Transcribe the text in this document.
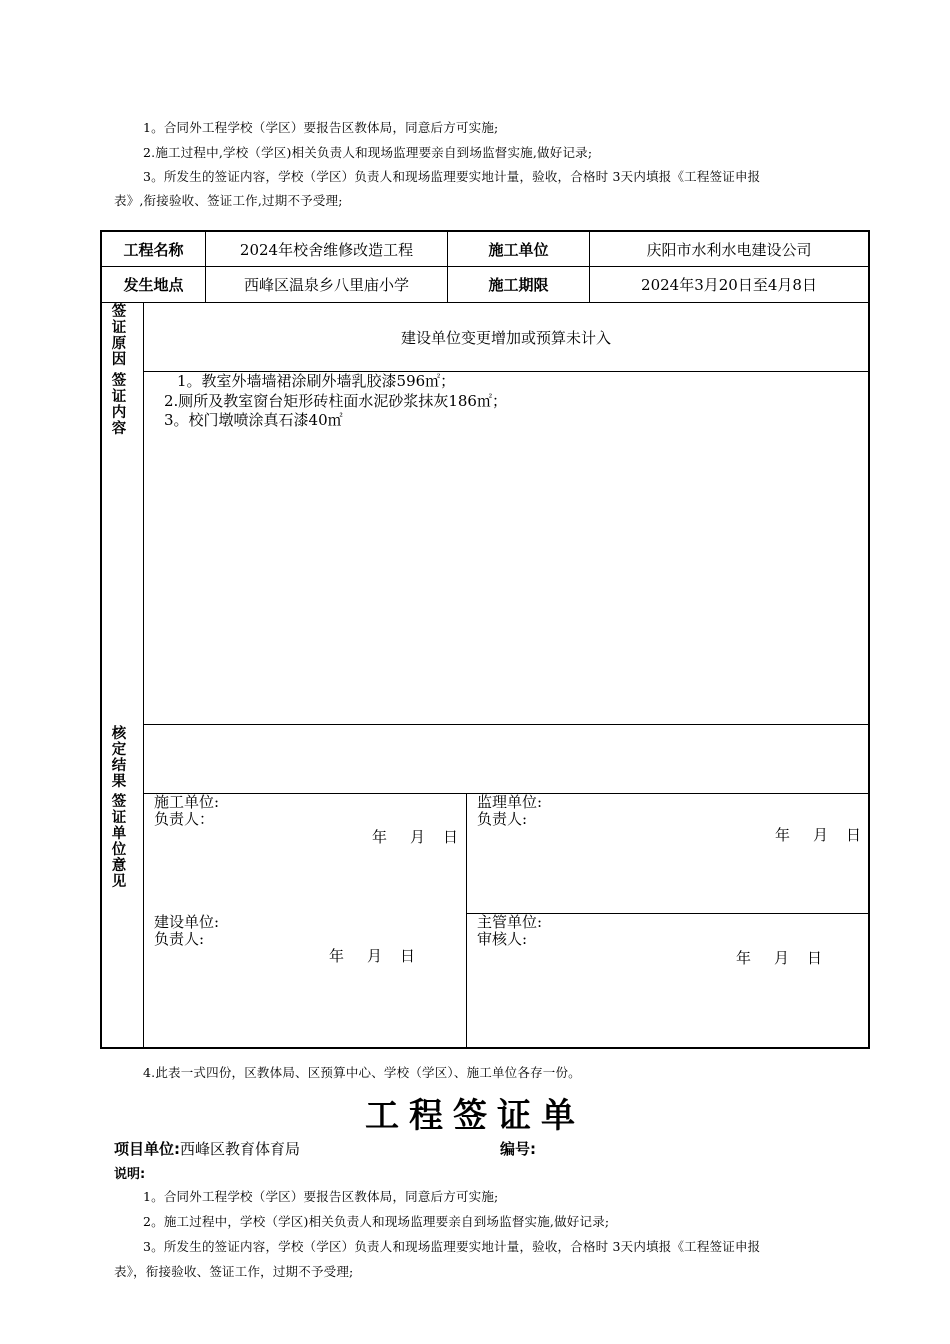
1。合同外工程学校（学区）要报告区教体局，同意后方可实施;
2.施工过程中,学校（学区)相关负责人和现场监理要亲自到场监督实施,做好记录;
3。所发生的签证内容，学校（学区）负责人和现场监理要实地计量，验收，合格时 3天内填报《工程签证申报
表》,衔接验收、签证工作,过期不予受理;
工程名称	2024年校舍维修改造工程	施工单位	庆阳市水利水电建设公司
发生地点	西峰区温泉乡八里庙小学	施工期限	2024年3月20日至4月8日
签
证
原
因
建设单位变更增加或预算未计入
签
证
内
容
1。教室外墙墙裙涂刷外墙乳胶漆596㎡；
2.厕所及教室窗台矩形砖柱面水泥砂浆抹灰186㎡；
3。校门墩喷涂真石漆40㎡
核
定
结
果
签
证
单
位
意
见
施工单位:
负责人：
年 月 日
监理单位:
负责人:
年 月 日
建设单位:
负责人:
年 月 日
主管单位:
审核人:
年 月 日
4.此表一式四份，区教体局、区预算中心、学校（学区）、施工单位各存一份。
工程签证单
项目单位:西峰区教育体育局	编号:
说明:
1。合同外工程学校（学区）要报告区教体局，同意后方可实施;
2。施工过程中，学校（学区)相关负责人和现场监理要亲自到场监督实施,做好记录;
3。所发生的签证内容，学校（学区）负责人和现场监理要实地计量，验收，合格时 3天内填报《工程签证申报
表》，衔接验收、签证工作，过期不予受理;
